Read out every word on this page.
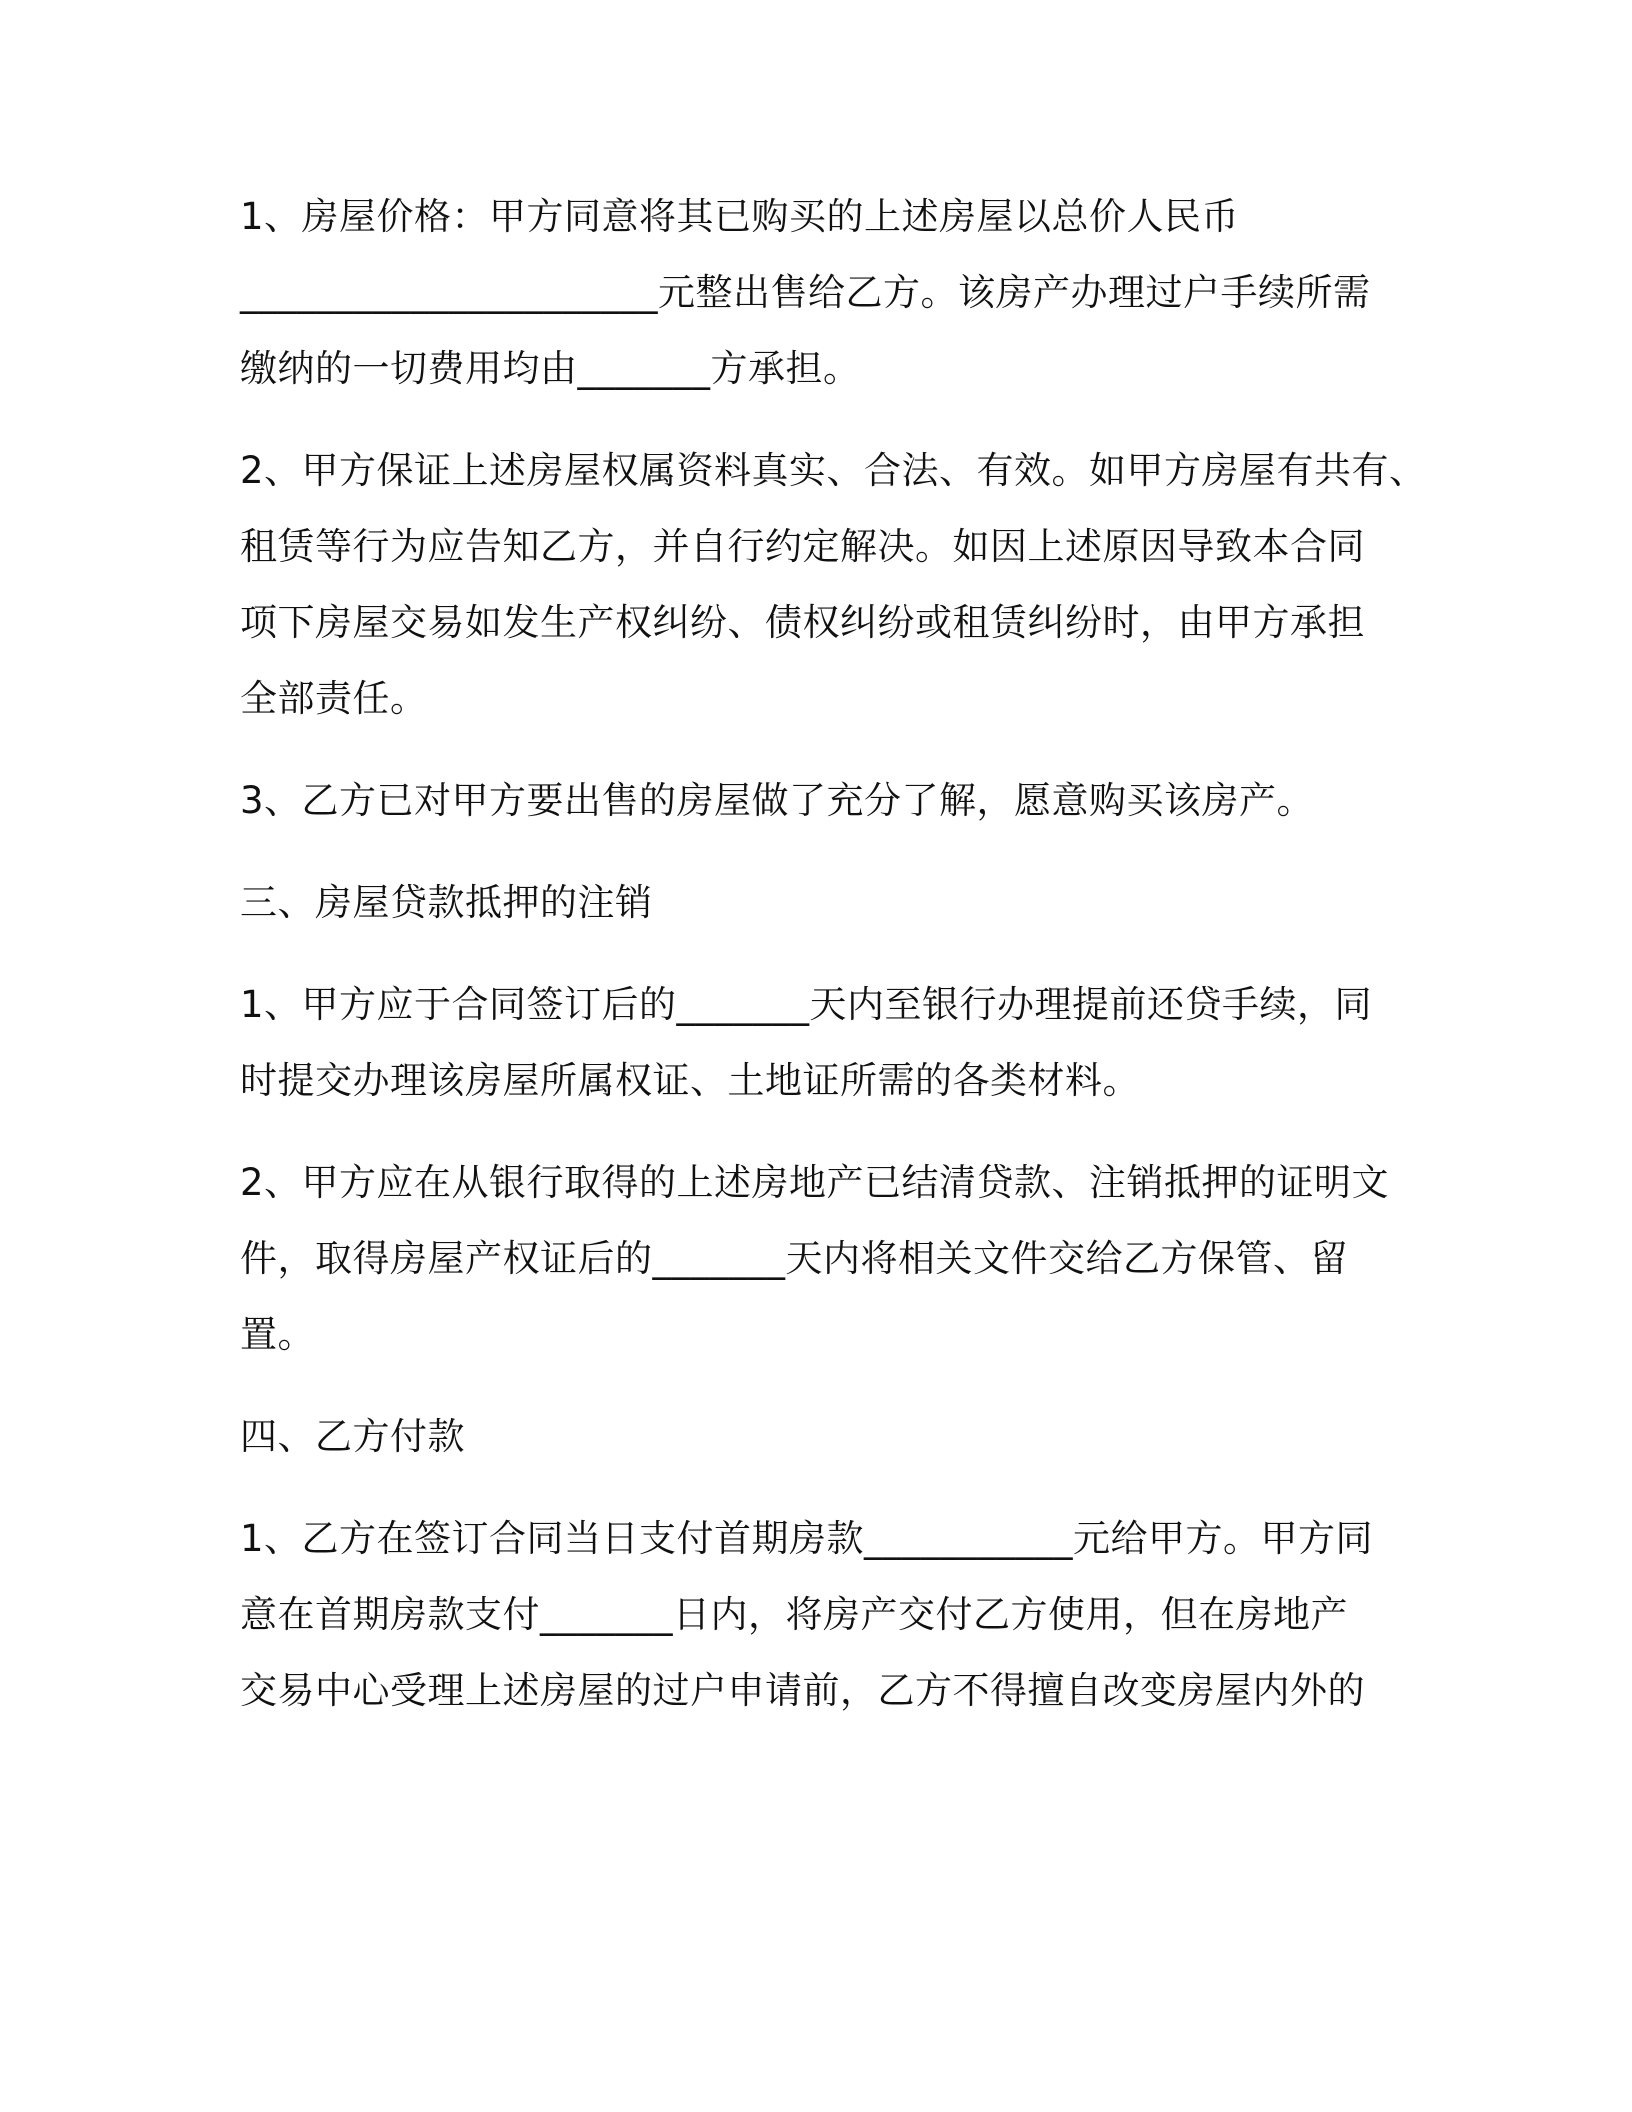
1、房屋价格：甲方同意将其已购买的上述房屋以总价人民币
______________________元整出售给乙方。该房产办理过户手续所需
缴纳的一切费用均由_______方承担。
2、甲方保证上述房屋权属资料真实、合法、有效。如甲方房屋有共有、
租赁等行为应告知乙方，并自行约定解决。如因上述原因导致本合同
项下房屋交易如发生产权纠纷、债权纠纷或租赁纠纷时，由甲方承担
全部责任。
3、乙方已对甲方要出售的房屋做了充分了解，愿意购买该房产。
三、房屋贷款抵押的注销
1、甲方应于合同签订后的_______天内至银行办理提前还贷手续，同
时提交办理该房屋所属权证、土地证所需的各类材料。
2、甲方应在从银行取得的上述房地产已结清贷款、注销抵押的证明文
件，取得房屋产权证后的_______天内将相关文件交给乙方保管、留
置。
四、乙方付款
1、乙方在签订合同当日支付首期房款___________元给甲方。甲方同
意在首期房款支付_______日内，将房产交付乙方使用，但在房地产
交易中心受理上述房屋的过户申请前，乙方不得擅自改变房屋内外的
